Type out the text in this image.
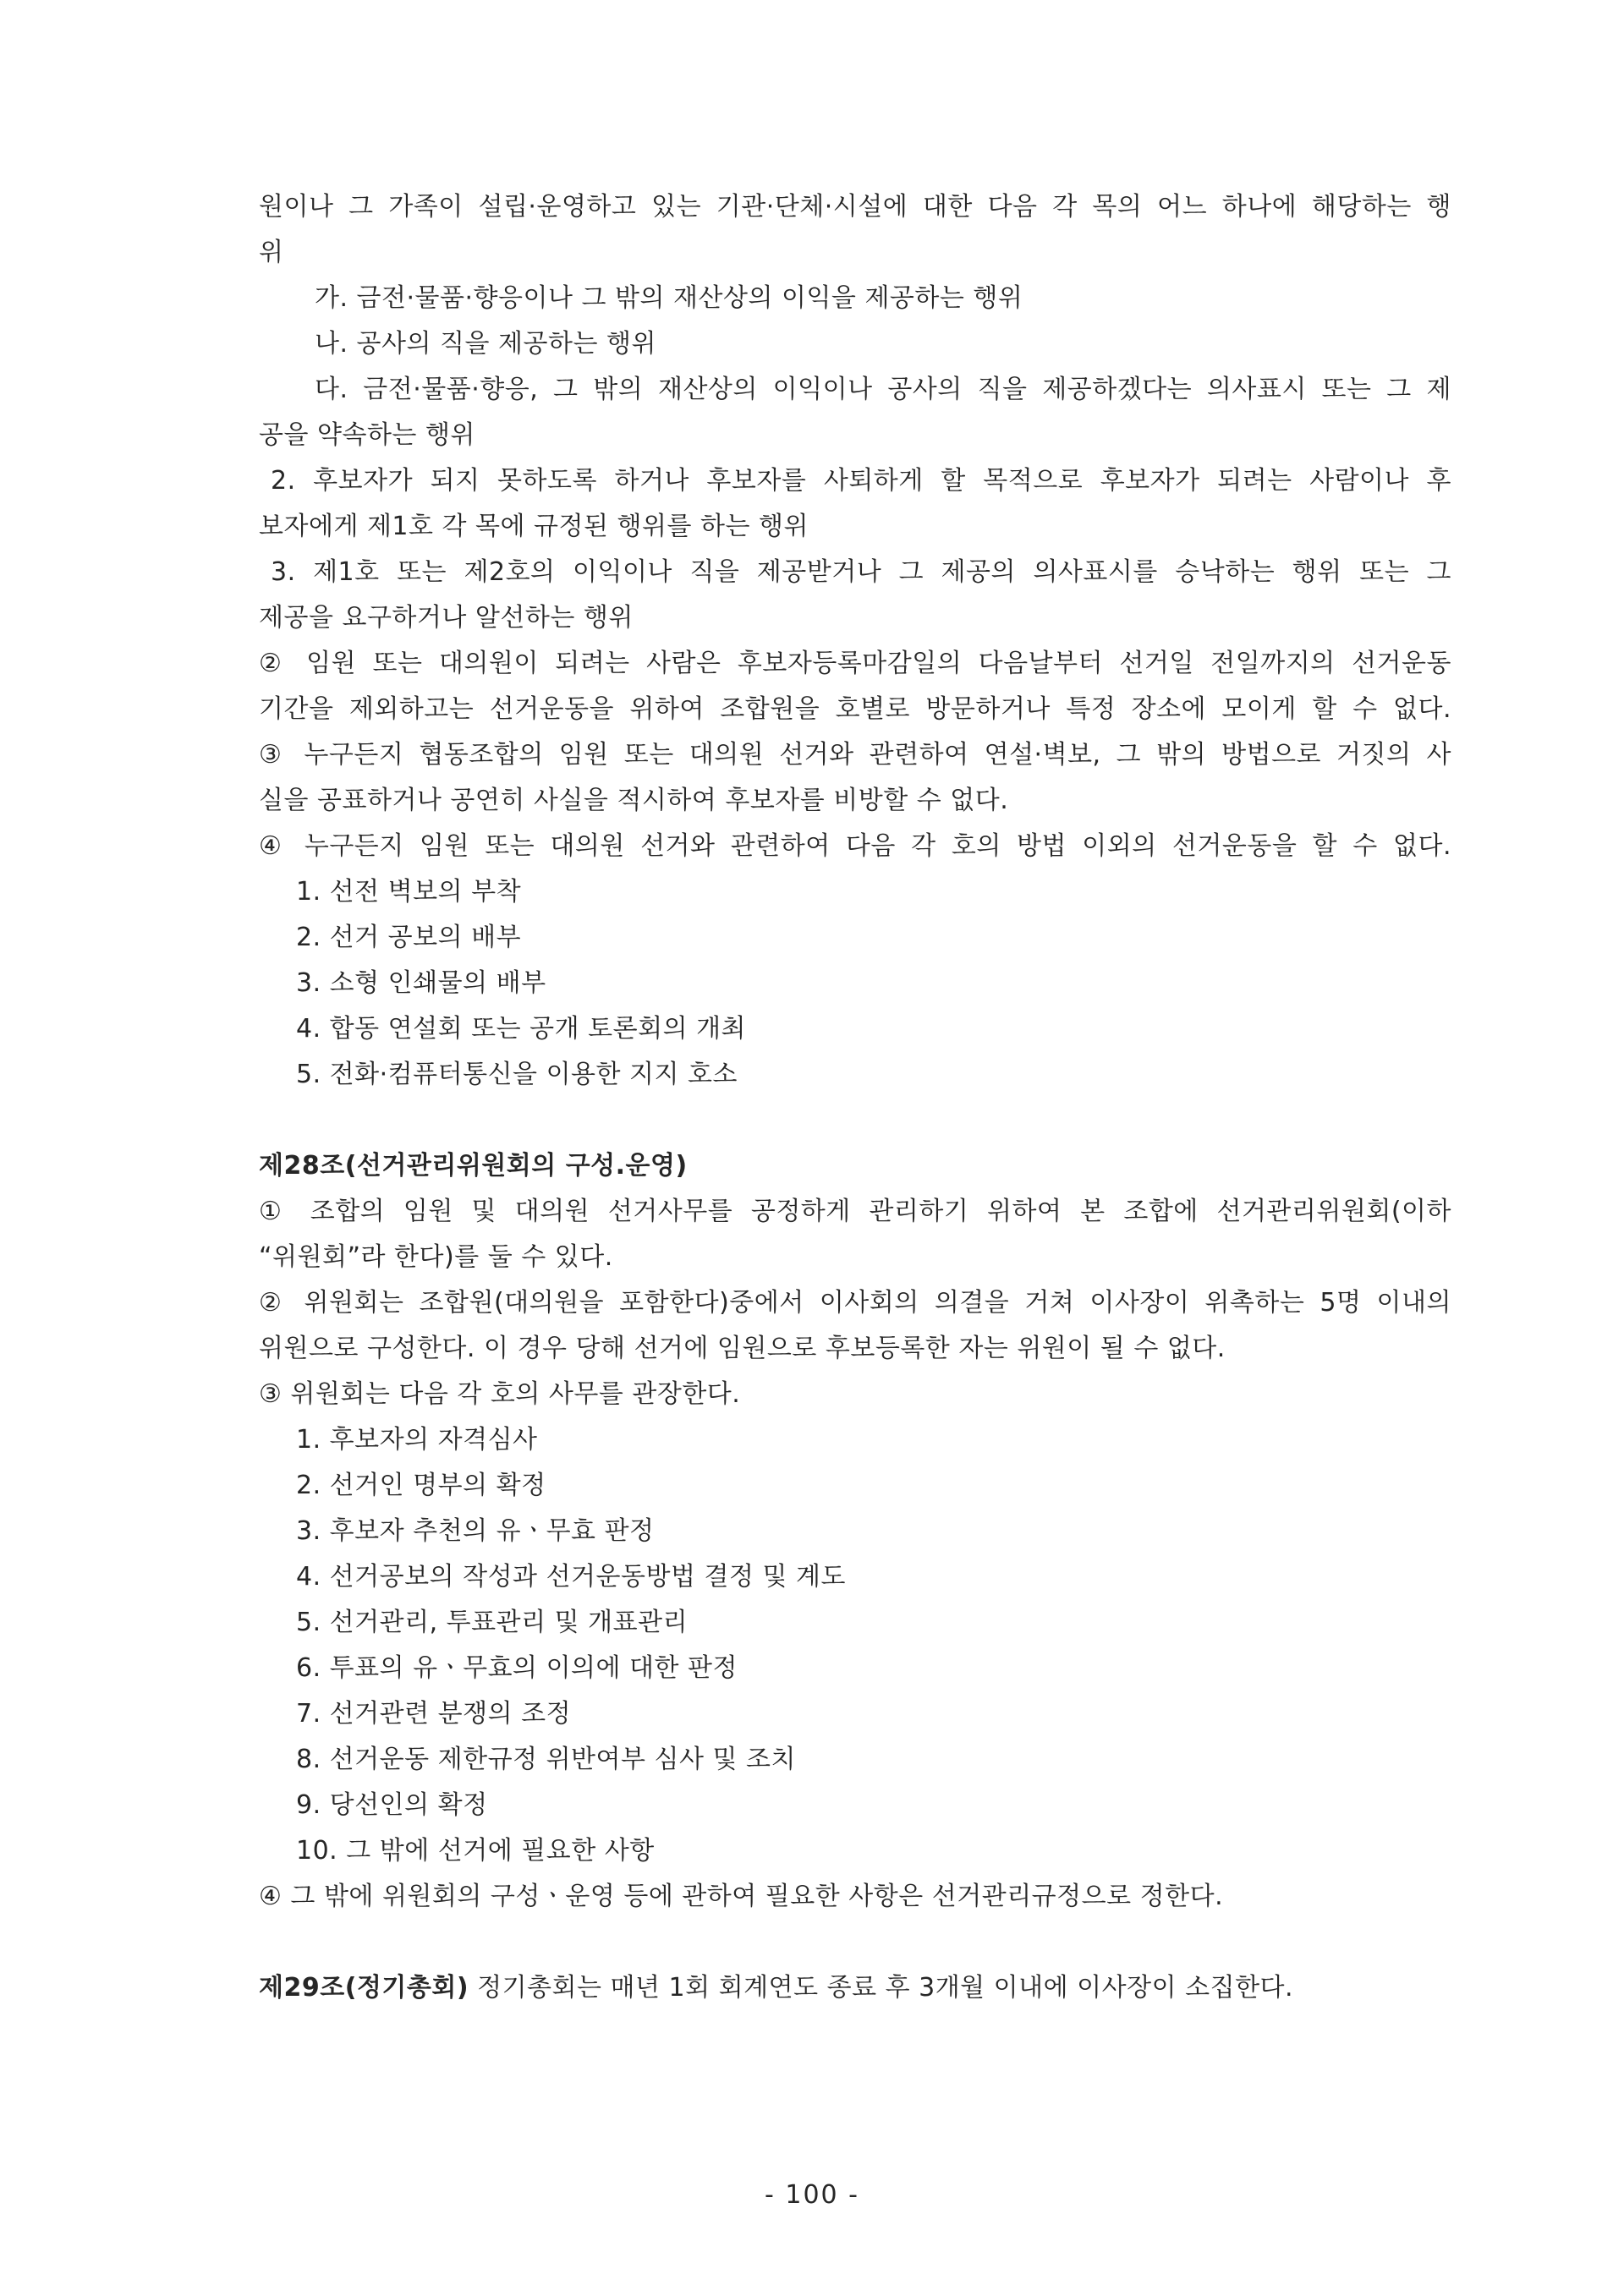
원이나 그 가족이 설립·운영하고 있는 기관·단체·시설에 대한 다음 각 목의 어느 하나에 해당하는 행
위
가. 금전·물품·향응이나 그 밖의 재산상의 이익을 제공하는 행위
나. 공사의 직을 제공하는 행위
다. 금전·물품·향응, 그 밖의 재산상의 이익이나 공사의 직을 제공하겠다는 의사표시 또는 그 제
공을 약속하는 행위
2. 후보자가 되지 못하도록 하거나 후보자를 사퇴하게 할 목적으로 후보자가 되려는 사람이나 후
보자에게 제1호 각 목에 규정된 행위를 하는 행위
3. 제1호 또는 제2호의 이익이나 직을 제공받거나 그 제공의 의사표시를 승낙하는 행위 또는 그
제공을 요구하거나 알선하는 행위
② 임원 또는 대의원이 되려는 사람은 후보자등록마감일의 다음날부터 선거일 전일까지의 선거운동
기간을 제외하고는 선거운동을 위하여 조합원을 호별로 방문하거나 특정 장소에 모이게 할 수 없다.
③ 누구든지 협동조합의 임원 또는 대의원 선거와 관련하여 연설·벽보, 그 밖의 방법으로 거짓의 사
실을 공표하거나 공연히 사실을 적시하여 후보자를 비방할 수 없다.
④ 누구든지 임원 또는 대의원 선거와 관련하여 다음 각 호의 방법 이외의 선거운동을 할 수 없다.
1. 선전 벽보의 부착
2. 선거 공보의 배부
3. 소형 인쇄물의 배부
4. 합동 연설회 또는 공개 토론회의 개최
5. 전화·컴퓨터통신을 이용한 지지 호소
제28조(선거관리위원회의 구성.운영)
① 조합의 임원 및 대의원 선거사무를 공정하게 관리하기 위하여 본 조합에 선거관리위원회(이하
“위원회”라 한다)를 둘 수 있다.
② 위원회는 조합원(대의원을 포함한다)중에서 이사회의 의결을 거쳐 이사장이 위촉하는 5명 이내의
위원으로 구성한다. 이 경우 당해 선거에 임원으로 후보등록한 자는 위원이 될 수 없다.
③ 위원회는 다음 각 호의 사무를 관장한다.
1. 후보자의 자격심사
2. 선거인 명부의 확정
3. 후보자 추천의 유ㆍ무효 판정
4. 선거공보의 작성과 선거운동방법 결정 및 계도
5. 선거관리, 투표관리 및 개표관리
6. 투표의 유ㆍ무효의 이의에 대한 판정
7. 선거관련 분쟁의 조정
8. 선거운동 제한규정 위반여부 심사 및 조치
9. 당선인의 확정
10. 그 밖에 선거에 필요한 사항
④ 그 밖에 위원회의 구성ㆍ운영 등에 관하여 필요한 사항은 선거관리규정으로 정한다.
제29조(정기총회) 정기총회는 매년 1회 회계연도 종료 후 3개월 이내에 이사장이 소집한다.
- 100 -
